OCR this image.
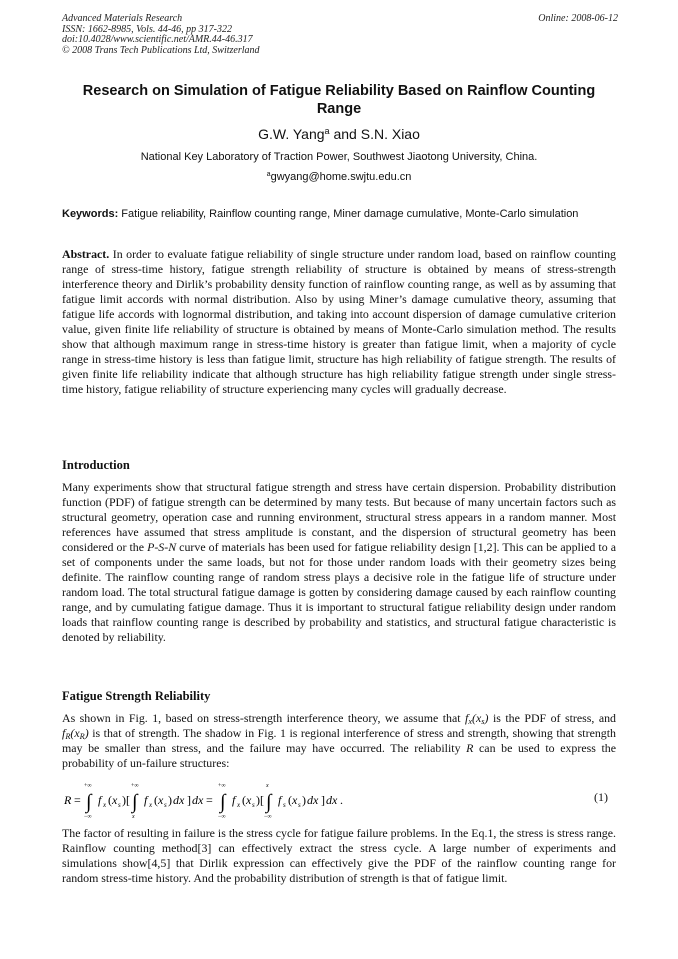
Advanced Materials Research
ISSN: 1662-8985, Vols. 44-46, pp 317-322
doi:10.4028/www.scientific.net/AMR.44-46.317
© 2008 Trans Tech Publications Ltd, Switzerland
Online: 2008-06-12
Research on Simulation of Fatigue Reliability Based on Rainflow Counting Range
G.W. Yang$^a$ and S.N. Xiao
National Key Laboratory of Traction Power, Southwest Jiaotong University, China.
$^a$gwyang@home.swjtu.edu.cn
Keywords: Fatigue reliability, Rainflow counting range, Miner damage cumulative, Monte-Carlo simulation
Abstract. In order to evaluate fatigue reliability of single structure under random load, based on rainflow counting range of stress-time history, fatigue strength reliability of structure is obtained by means of stress-strength interference theory and Dirlik’s probability density function of rainflow counting range, as well as by assuming that fatigue limit accords with normal distribution. Also by using Miner’s damage cumulative theory, assuming that fatigue life accords with lognormal distribution, and taking into account dispersion of damage cumulative criterion value, given finite life reliability of structure is obtained by means of Monte-Carlo simulation method. The results show that although maximum range in stress-time history is greater than fatigue limit, when a majority of cycle range in stress-time history is less than fatigue limit, structure has high reliability of fatigue strength. The results of given finite life reliability indicate that although structure has high reliability fatigue strength under single stress-time history, fatigue reliability of structure experiencing many cycles will gradually decrease.
Introduction
Many experiments show that structural fatigue strength and stress have certain dispersion. Probability distribution function (PDF) of fatigue strength can be determined by many tests. But because of many uncertain factors such as structural geometry, operation case and running environment, structural stress appears in a random manner. Most references have assumed that stress amplitude is constant, and the dispersion of structural geometry has been considered or the P-S-N curve of materials has been used for fatigue reliability design [1,2]. This can be applied to a set of components under the same loads, but not for those under random loads with their geometry sizes being definite. The rainflow counting range of random stress plays a decisive role in the fatigue life of structure under random load. The total structural fatigue damage is gotten by considering damage caused by each rainflow counting range, and by cumulating fatigue damage. Thus it is important to structural fatigue reliability design under random loads that rainflow counting range is described by probability and statistics, and structural fatigue characteristic is denoted by reliability.
Fatigue Strength Reliability
As shown in Fig. 1, based on stress-strength interference theory, we assume that $f_x(x_s)$ is the PDF of stress, and $f_R(x_R)$ is that of strength. The shadow in Fig. 1 is regional interference of stress and strength, showing that strength may be smaller than stress, and the failure may have occurred. The reliability R can be used to express the probability of un-failure structures:
R = ∫
+∞
−∞
f x ( x s )[ ∫
+∞
x
f x ( x s ) dx ] dx = ∫
+∞
−∞
f x ( x s )[ ∫
x
−∞
f s ( x s ) dx ] dx .	(1)
The factor of resulting in failure is the stress cycle for fatigue failure problems. In the Eq.1, the stress is stress range. Rainflow counting method[3] can effectively extract the stress cycle. A large number of experiments and simulations show[4,5] that Dirlik expression can effectively give the PDF of the rainflow counting range for random stress-time history. And the probability distribution of strength is that of fatigue limit.
